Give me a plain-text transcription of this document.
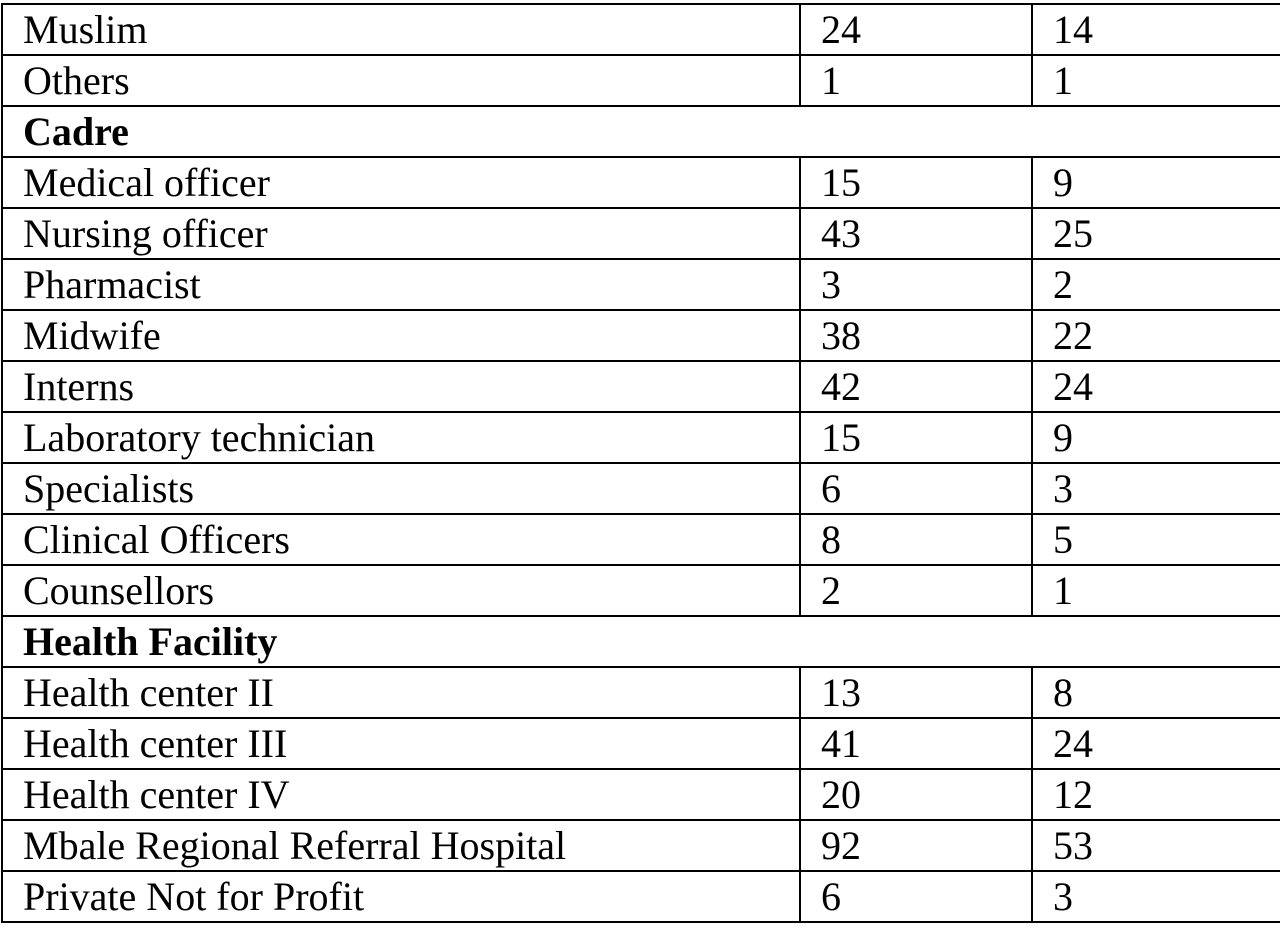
Muslim	24	14
Others	1	1
Cadre		
Medical officer	15	9
Nursing officer	43	25
Pharmacist	3	2
Midwife	38	22
Interns	42	24
Laboratory technician	15	9
Specialists	6	3
Clinical Officers	8	5
Counsellors	2	1
Health Facility		
Health center II	13	8
Health center III	41	24
Health center IV	20	12
Mbale Regional Referral Hospital	92	53
Private Not for Profit	6	3
